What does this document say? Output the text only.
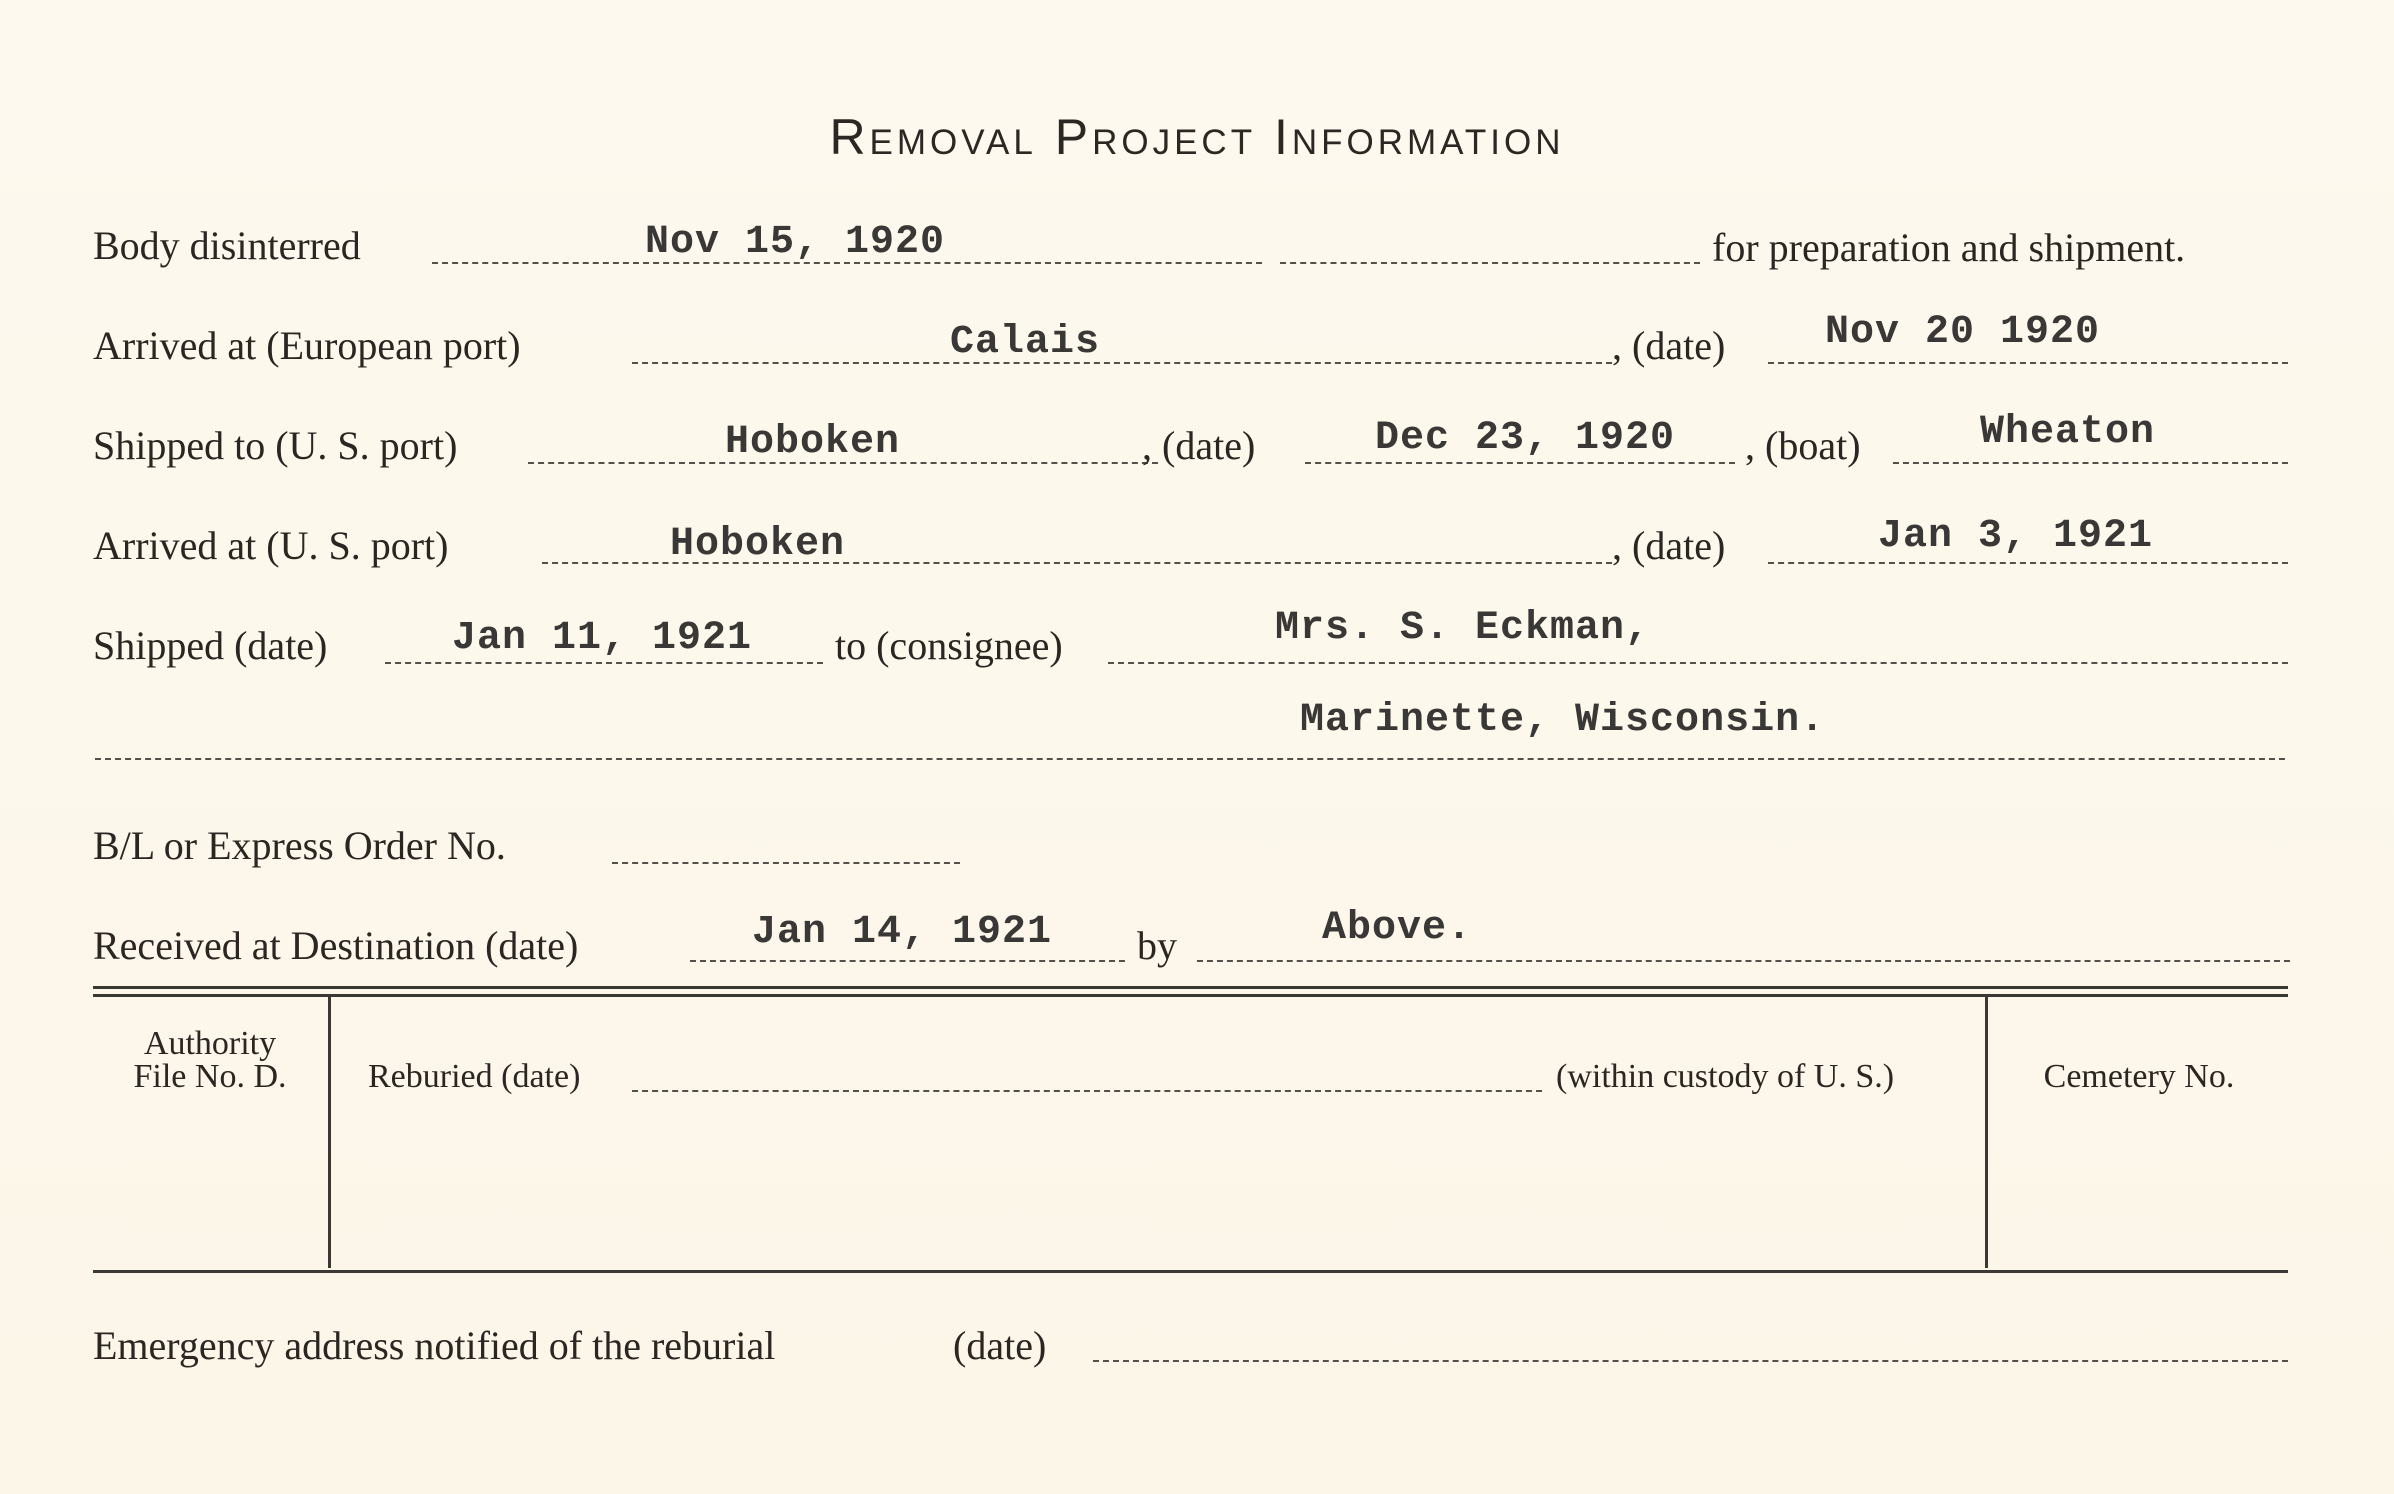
Removal Project Information
Body disinterred	Nov 15, 1920	for preparation and shipment.
Arrived at (European port)	Calais	, (date) Nov 20 1920
Shipped to (U. S. port)	Hoboken	, (date)	Dec 23, 1920 , (boat)	Wheaton
Arrived at (U. S. port)	Hoboken	, (date)	Jan 3, 1921
Shipped (date)	Jan 11, 1921 to (consignee)	Mrs. S. Eckman,
Marinette, Wisconsin.
B/L or Express Order No.
Received at Destination (date)	Jan 14, 1921 by	Above.
Authority
File No. D.	Reburied (date)	(within custody of U. S.)	Cemetery No.
Emergency address notified of the reburial	(date)
